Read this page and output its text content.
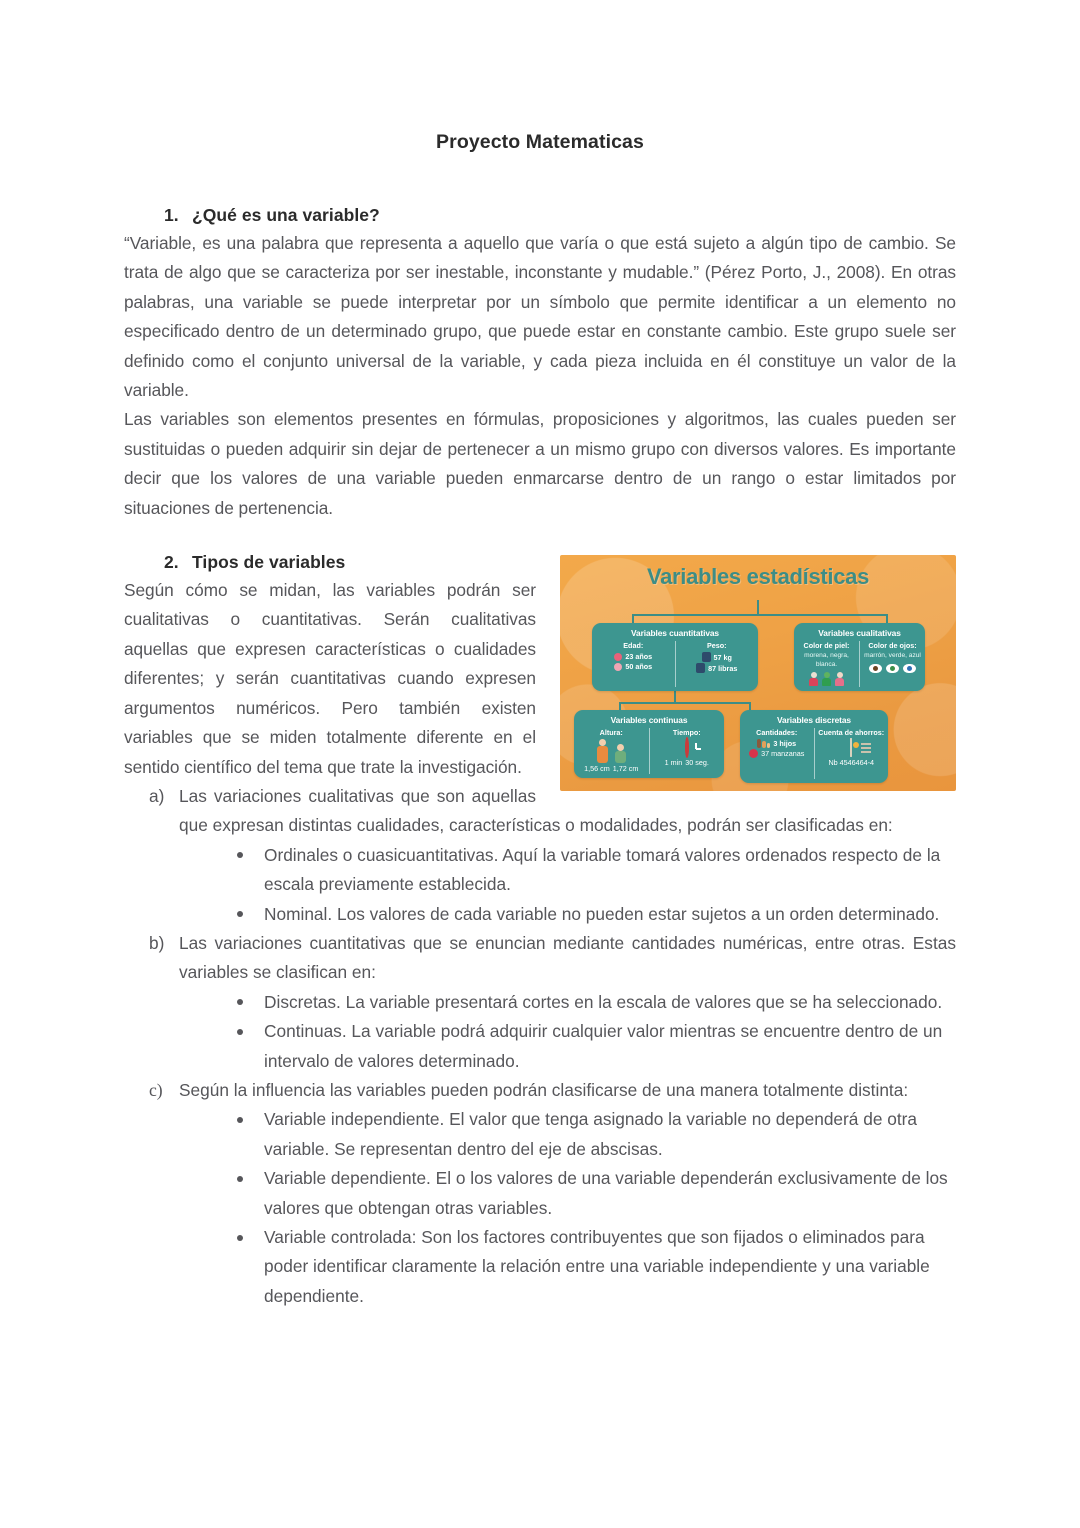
Proyecto Matematicas
1. ¿Qué es una variable?

“Variable, es una palabra que representa a aquello que varía o que está sujeto a algún tipo de cambio. Se trata de algo que se caracteriza por ser inestable, inconstante y mudable.” (Pérez Porto, J., 2008). En otras palabras, una variable se puede interpretar por un símbolo que permite identificar a un elemento no especificado dentro de un determinado grupo, que puede estar en constante cambio. Este grupo suele ser definido como el conjunto universal de la variable, y cada pieza incluida en él constituye un valor de la variable.

Las variables son elementos presentes en fórmulas, proposiciones y algoritmos, las cuales pueden ser sustituidas o pueden adquirir sin dejar de pertenecer a un mismo grupo con diversos valores. Es importante decir que los valores de una variable pueden enmarcarse dentro de un rango o estar limitados por situaciones de pertenencia.

Variables estadísticas
Variables cuantitativas
Edad:
23 años
50 años
Peso:
57 kg
87 libras
Variables cualitativas
Color de piel:
morena, negra, blanca.
Color de ojos:
marrón, verde, azul
Variables continuas
Altura:
1,56 cm 1,72 cm
Tiempo:
1 min 30 seg.
Variables discretas
Cantidades:
3 hijos
37 manzanas
Cuenta de ahorros:
Nb 4546464-4
2. Tipos de variables

Según cómo se midan, las variables podrán ser cualitativas o cuantitativas. Serán cualitativas aquellas que expresen características o cualidades diferentes; y serán cuantitativas cuando expresen argumentos numéricos. Pero también existen variables que se miden totalmente diferente en el sentido científico del tema que trate la investigación.

a) Las variaciones cualitativas que son aquellas que expresan distintas cualidades, características o modalidades, podrán ser clasificadas en:
Ordinales o cuasicuantitativas. Aquí la variable tomará valores ordenados respecto de la escala previamente establecida.
Nominal. Los valores de cada variable no pueden estar sujetos a un orden determinado.
b) Las variaciones cuantitativas que se enuncian mediante cantidades numéricas, entre otras. Estas variables se clasifican en:
Discretas. La variable presentará cortes en la escala de valores que se ha seleccionado.
Continuas. La variable podrá adquirir cualquier valor mientras se encuentre dentro de un intervalo de valores determinado.
c) Según la influencia las variables pueden podrán clasificarse de una manera totalmente distinta:
Variable independiente. El valor que tenga asignado la variable no dependerá de otra variable. Se representan dentro del eje de abscisas.
Variable dependiente. El o los valores de una variable dependerán exclusivamente de los valores que obtengan otras variables.
Variable controlada: Son los factores contribuyentes que son fijados o eliminados para poder identificar claramente la relación entre una variable independiente y una variable dependiente.
